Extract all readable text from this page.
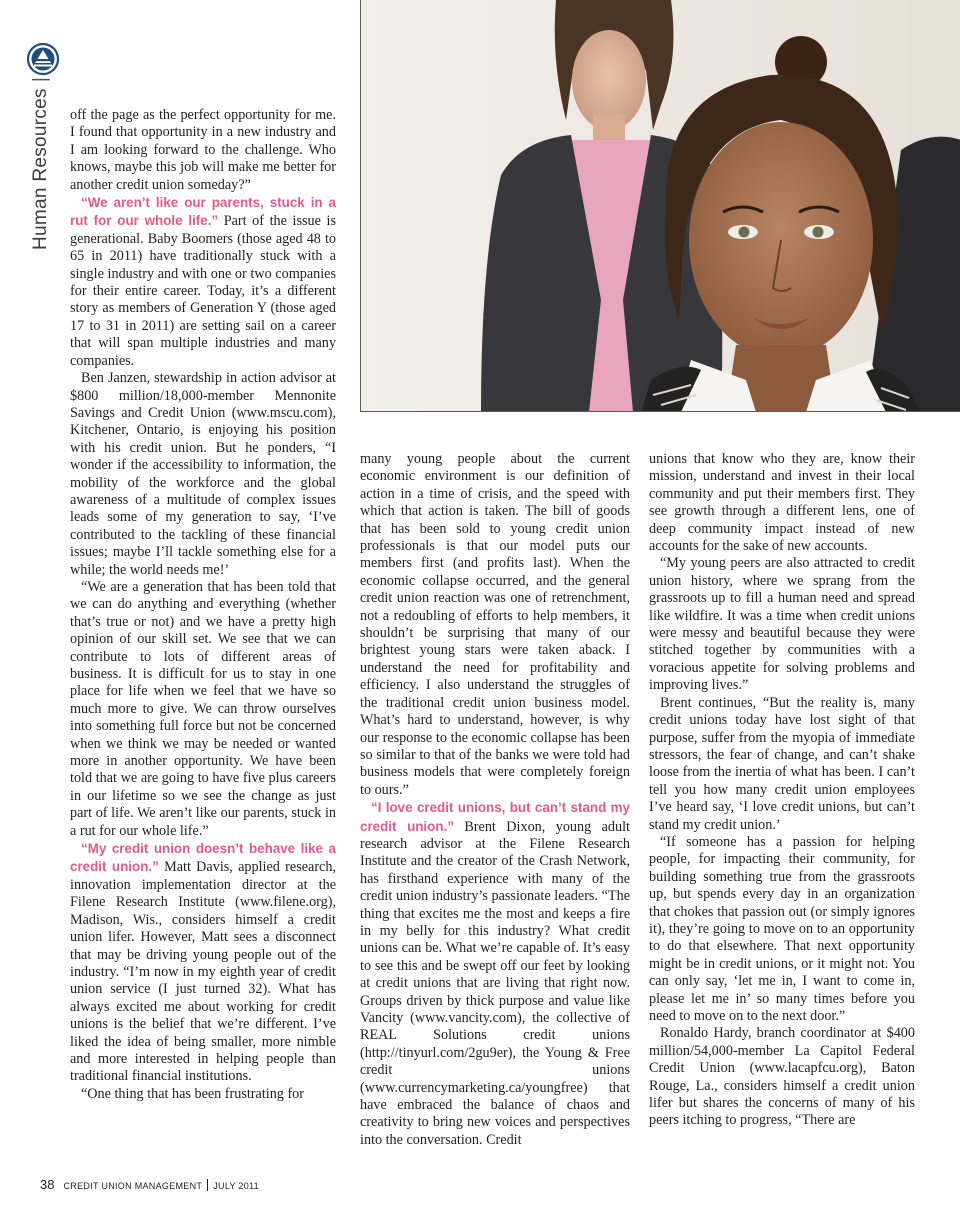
Human Resources|

off the page as the perfect opportunity for me. I found that opportunity in a new industry and I am looking forward to the challenge. Who knows, maybe this job will make me better for another credit union someday?”

“We aren’t like our parents, stuck in a rut for our whole life.” Part of the issue is generational. Baby Boomers (those aged 48 to 65 in 2011) have traditionally stuck with a single industry and with one or two companies for their entire career. Today, it’s a different story as members of Generation Y (those aged 17 to 31 in 2011) are setting sail on a career that will span multiple industries and many companies.

Ben Janzen, stewardship in action advisor at $800 million/18,000-member Mennonite Savings and Credit Union (www.mscu.com), Kitchener, Ontario, is enjoying his position with his credit union. But he ponders, “I wonder if the accessibility to information, the mobility of the workforce and the global awareness of a multitude of complex issues leads some of my generation to say, ‘I’ve contributed to the tackling of these financial issues; maybe I’ll tackle something else for a while; the world needs me!’

“We are a generation that has been told that we can do anything and everything (whether that’s true or not) and we have a pretty high opinion of our skill set. We see that we can contribute to lots of different areas of business. It is difficult for us to stay in one place for life when we feel that we have so much more to give. We can throw ourselves into something full force but not be concerned when we think we may be needed or wanted more in another opportunity. We have been told that we are going to have five plus careers in our lifetime so we see the change as just part of life. We aren’t like our parents, stuck in a rut for our whole life.”

“My credit union doesn’t behave like a credit union.” Matt Davis, applied research, innovation implementation director at the Filene Research Institute (www.filene.org), Madison, Wis., considers himself a credit union lifer. However, Matt sees a disconnect that may be driving young people out of the industry. “I’m now in my eighth year of credit union service (I just turned 32). What has always excited me about working for credit unions is the belief that we’re different. I’ve liked the idea of being smaller, more nimble and more interested in helping people than traditional financial institutions.

“One thing that has been frustrating for

many young people about the current economic environment is our definition of action in a time of crisis, and the speed with which that action is taken. The bill of goods that has been sold to young credit union professionals is that our model puts our members first (and profits last). When the economic collapse occurred, and the general credit union reaction was one of retrenchment, not a redoubling of efforts to help members, it shouldn’t be surprising that many of our brightest young stars were taken aback. I understand the need for profitability and efficiency. I also understand the struggles of the traditional credit union business model. What’s hard to understand, however, is why our response to the economic collapse has been so similar to that of the banks we were told had business models that were completely foreign to ours.”

“I love credit unions, but can’t stand my credit union.” Brent Dixon, young adult research advisor at the Filene Research Institute and the creator of the Crash Network, has firsthand experience with many of the credit union industry’s passionate leaders. “The thing that excites me the most and keeps a fire in my belly for this industry? What credit unions can be. What we’re capable of. It’s easy to see this and be swept off our feet by looking at credit unions that are living that right now. Groups driven by thick purpose and value like Vancity (www.vancity.com), the collective of REAL Solutions credit unions (http://tinyurl.com/2gu9er), the Young & Free credit unions (www.currencymarketing.ca/youngfree) that have embraced the balance of chaos and creativity to bring new voices and perspectives into the conversation. Credit

unions that know who they are, know their mission, understand and invest in their local community and put their members first. They see growth through a different lens, one of deep community impact instead of new accounts for the sake of new accounts.

“My young peers are also attracted to credit union history, where we sprang from the grassroots up to fill a human need and spread like wildfire. It was a time when credit unions were messy and beautiful because they were stitched together by communities with a voracious appetite for solving problems and improving lives.”

Brent continues, “But the reality is, many credit unions today have lost sight of that purpose, suffer from the myopia of immediate stressors, the fear of change, and can’t shake loose from the inertia of what has been. I can’t tell you how many credit union employees I’ve heard say, ‘I love credit unions, but can’t stand my credit union.’

“If someone has a passion for helping people, for impacting their community, for building something true from the grassroots up, but spends every day in an organization that chokes that passion out (or simply ignores it), they’re going to move on to an opportunity to do that elsewhere. That next opportunity might be in credit unions, or it might not. You can only say, ‘let me in, I want to come in, please let me in’ so many times before you need to move on to the next door.”

Ronaldo Hardy, branch coordinator at $400 million/54,000-member La Capitol Federal Credit Union (www.lacapfcu.org), Baton Rouge, La., considers himself a credit union lifer but shares the concerns of many of his peers itching to progress, “There are

38 CREDIT UNION MANAGEMENT JULY 2011
